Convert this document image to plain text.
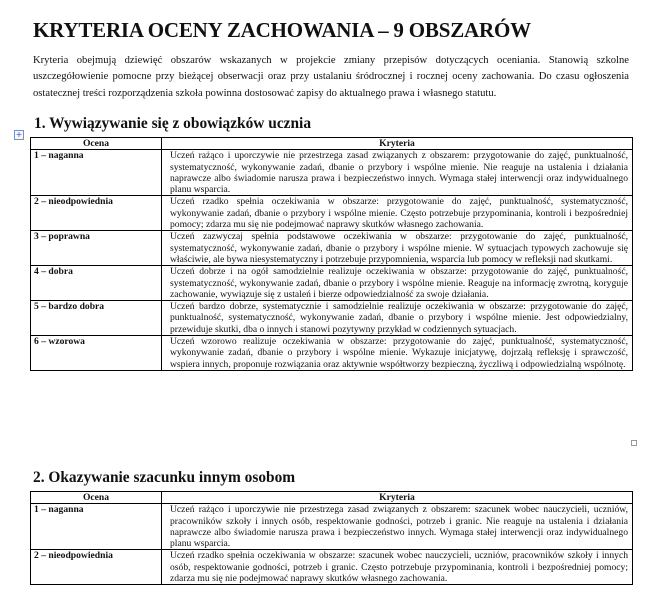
KRYTERIA OCENY ZACHOWANIA – 9 OBSZARÓW

Kryteria obejmują dziewięć obszarów wskazanych w projekcie zmiany przepisów dotyczących oceniania. Stanowią szkolne uszczegółowienie pomocne przy bieżącej obserwacji oraz przy ustalaniu śródrocznej i rocznej oceny zachowania. Do czasu ogłoszenia ostatecznej treści rozporządzenia szkoła powinna dostosować zapisy do aktualnego prawa i własnego statutu.

1. Wywiązywanie się z obowiązków ucznia
+
Ocena	Kryteria
1 – naganna	Uczeń rażąco i uporczywie nie przestrzega zasad związanych z obszarem: przygotowanie do zajęć, punktualność, systematyczność, wykonywanie zadań, dbanie o przybory i wspólne mienie. Nie reaguje na ustalenia i działania naprawcze albo świadomie narusza prawa i bezpieczeństwo innych. Wymaga stałej interwencji oraz indywidualnego planu wsparcia.
2 – nieodpowiednia	Uczeń rzadko spełnia oczekiwania w obszarze: przygotowanie do zajęć, punktualność, systematyczność, wykonywanie zadań, dbanie o przybory i wspólne mienie. Często potrzebuje przypominania, kontroli i bezpośredniej pomocy; zdarza mu się nie podejmować naprawy skutków własnego zachowania.
3 – poprawna	Uczeń zazwyczaj spełnia podstawowe oczekiwania w obszarze: przygotowanie do zajęć, punktualność, systematyczność, wykonywanie zadań, dbanie o przybory i wspólne mienie. W sytuacjach typowych zachowuje się właściwie, ale bywa niesystematyczny i potrzebuje przypomnienia, wsparcia lub pomocy w refleksji nad skutkami.
4 – dobra	Uczeń dobrze i na ogół samodzielnie realizuje oczekiwania w obszarze: przygotowanie do zajęć, punktualność, systematyczność, wykonywanie zadań, dbanie o przybory i wspólne mienie. Reaguje na informację zwrotną, koryguje zachowanie, wywiązuje się z ustaleń i bierze odpowiedzialność za swoje działania.
5 – bardzo dobra	Uczeń bardzo dobrze, systematycznie i samodzielnie realizuje oczekiwania w obszarze: przygotowanie do zajęć, punktualność, systematyczność, wykonywanie zadań, dbanie o przybory i wspólne mienie. Jest odpowiedzialny, przewiduje skutki, dba o innych i stanowi pozytywny przykład w codziennych sytuacjach.
6 – wzorowa	Uczeń wzorowo realizuje oczekiwania w obszarze: przygotowanie do zajęć, punktualność, systematyczność, wykonywanie zadań, dbanie o przybory i wspólne mienie. Wykazuje inicjatywę, dojrzałą refleksję i sprawczość, wspiera innych, proponuje rozwiązania oraz aktywnie współtworzy bezpieczną, życzliwą i odpowiedzialną wspólnotę.
2. Okazywanie szacunku innym osobom
Ocena	Kryteria
1 – naganna	Uczeń rażąco i uporczywie nie przestrzega zasad związanych z obszarem: szacunek wobec nauczycieli, uczniów, pracowników szkoły i innych osób, respektowanie godności, potrzeb i granic. Nie reaguje na ustalenia i działania naprawcze albo świadomie narusza prawa i bezpieczeństwo innych. Wymaga stałej interwencji oraz indywidualnego planu wsparcia.
2 – nieodpowiednia	Uczeń rzadko spełnia oczekiwania w obszarze: szacunek wobec nauczycieli, uczniów, pracowników szkoły i innych osób, respektowanie godności, potrzeb i granic. Często potrzebuje przypominania, kontroli i bezpośredniej pomocy; zdarza mu się nie podejmować naprawy skutków własnego zachowania.
